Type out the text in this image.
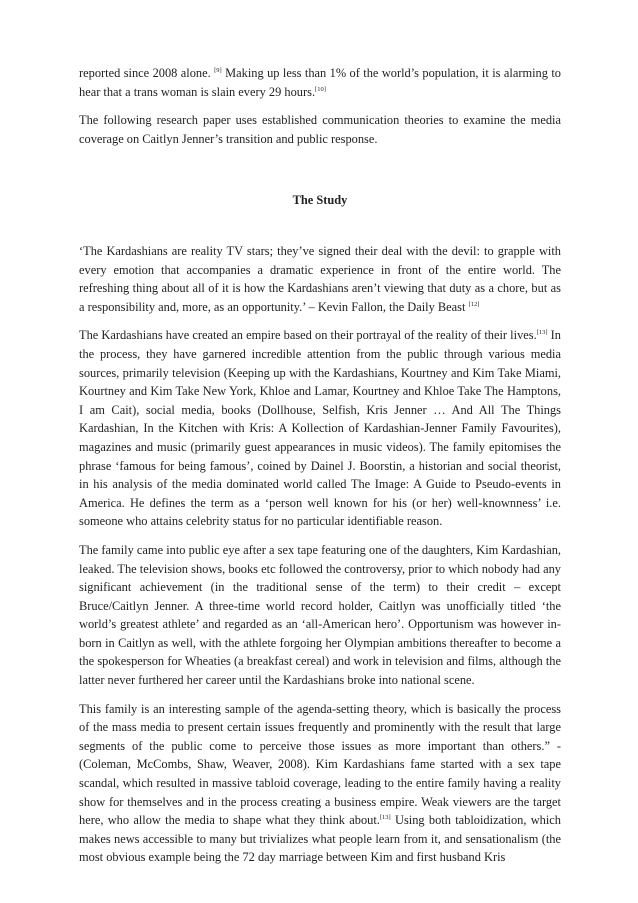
reported since 2008 alone. [9] Making up less than 1% of the world’s population, it is alarming to hear that a trans woman is slain every 29 hours.[10]

The following research paper uses established communication theories to examine the media coverage on Caitlyn Jenner’s transition and public response.

The Study

‘The Kardashians are reality TV stars; they’ve signed their deal with the devil: to grapple with every emotion that accompanies a dramatic experience in front of the entire world. The refreshing thing about all of it is how the Kardashians aren’t viewing that duty as a chore, but as a responsibility and, more, as an opportunity.’ – Kevin Fallon, the Daily Beast [12]

The Kardashians have created an empire based on their portrayal of the reality of their lives.[13] In the process, they have garnered incredible attention from the public through various media sources, primarily television (Keeping up with the Kardashians, Kourtney and Kim Take Miami, Kourtney and Kim Take New York, Khloe and Lamar, Kourtney and Khloe Take The Hamptons, I am Cait), social media, books (Dollhouse, Selfish, Kris Jenner … And All The Things Kardashian, In the Kitchen with Kris: A Kollection of Kardashian-Jenner Family Favourites), magazines and music (primarily guest appearances in music videos). The family epitomises the phrase ‘famous for being famous’, coined by Dainel J. Boorstin, a historian and social theorist, in his analysis of the media dominated world called The Image: A Guide to Pseudo-events in America. He defines the term as a ‘person well known for his (or her) well-knownness’ i.e. someone who attains celebrity status for no particular identifiable reason.

The family came into public eye after a sex tape featuring one of the daughters, Kim Kardashian, leaked. The television shows, books etc followed the controversy, prior to which nobody had any significant achievement (in the traditional sense of the term) to their credit – except Bruce/Caitlyn Jenner. A three-time world record holder, Caitlyn was unofficially titled ‘the world’s greatest athlete’ and regarded as an ‘all-American hero’. Opportunism was however in-born in Caitlyn as well, with the athlete forgoing her Olympian ambitions thereafter to become a the spokesperson for Wheaties (a breakfast cereal) and work in television and films, although the latter never furthered her career until the Kardashians broke into national scene.

This family is an interesting sample of the agenda-setting theory, which is basically the process of the mass media to present certain issues frequently and prominently with the result that large segments of the public come to perceive those issues as more important than others.” - (Coleman, McCombs, Shaw, Weaver, 2008). Kim Kardashians fame started with a sex tape scandal, which resulted in massive tabloid coverage, leading to the entire family having a reality show for themselves and in the process creating a business empire. Weak viewers are the target here, who allow the media to shape what they think about.[13] Using both tabloidization, which makes news accessible to many but trivializes what people learn from it, and sensationalism (the most obvious example being the 72 day marriage between Kim and first husband Kris
